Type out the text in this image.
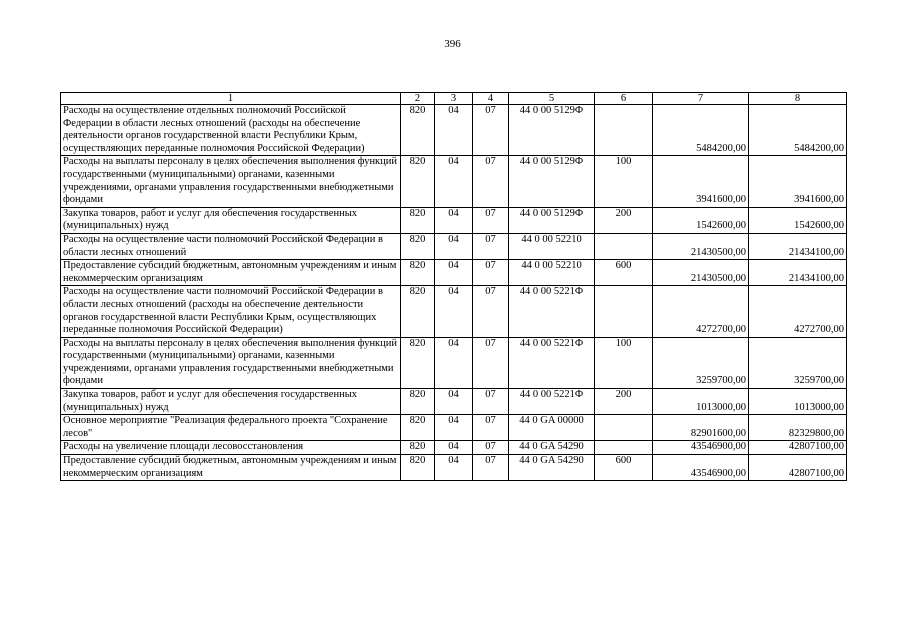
396
1	2	3	4	5	6	7	8
Расходы на осуществление отдельных полномочий Российской Федерации в области лесных отношений (расходы на обеспечение деятельности органов государственной власти Республики Крым, осуществляющих переданные полномочия Российской Федерации)	820	04	07	44 0 00 5129Ф		5484200,00	5484200,00
Расходы на выплаты персоналу в целях обеспечения выполнения функций государственными (муниципальными) органами, казенными учреждениями, органами управления государственными внебюджетными фондами	820	04	07	44 0 00 5129Ф	100	3941600,00	3941600,00
Закупка товаров, работ и услуг для обеспечения государственных (муниципальных) нужд	820	04	07	44 0 00 5129Ф	200	1542600,00	1542600,00
Расходы на осуществление части полномочий Российской Федерации в области лесных отношений	820	04	07	44 0 00 52210		21430500,00	21434100,00
Предоставление субсидий бюджетным, автономным учреждениям и иным некоммерческим организациям	820	04	07	44 0 00 52210	600	21430500,00	21434100,00
Расходы на осуществление части полномочий Российской Федерации в области лесных отношений (расходы на обеспечение деятельности органов государственной власти Республики Крым, осуществляющих переданные полномочия Российской Федерации)	820	04	07	44 0 00 5221Ф		4272700,00	4272700,00
Расходы на выплаты персоналу в целях обеспечения выполнения функций государственными (муниципальными) органами, казенными учреждениями, органами управления государственными внебюджетными фондами	820	04	07	44 0 00 5221Ф	100	3259700,00	3259700,00
Закупка товаров, работ и услуг для обеспечения государственных (муниципальных) нужд	820	04	07	44 0 00 5221Ф	200	1013000,00	1013000,00
Основное мероприятие "Реализация федерального проекта "Сохранение лесов"	820	04	07	44 0 GA 00000		82901600,00	82329800,00
Расходы на увеличение площади лесовосстановления	820	04	07	44 0 GA 54290		43546900,00	42807100,00
Предоставление субсидий бюджетным, автономным учреждениям и иным некоммерческим организациям	820	04	07	44 0 GA 54290	600	43546900,00	42807100,00
